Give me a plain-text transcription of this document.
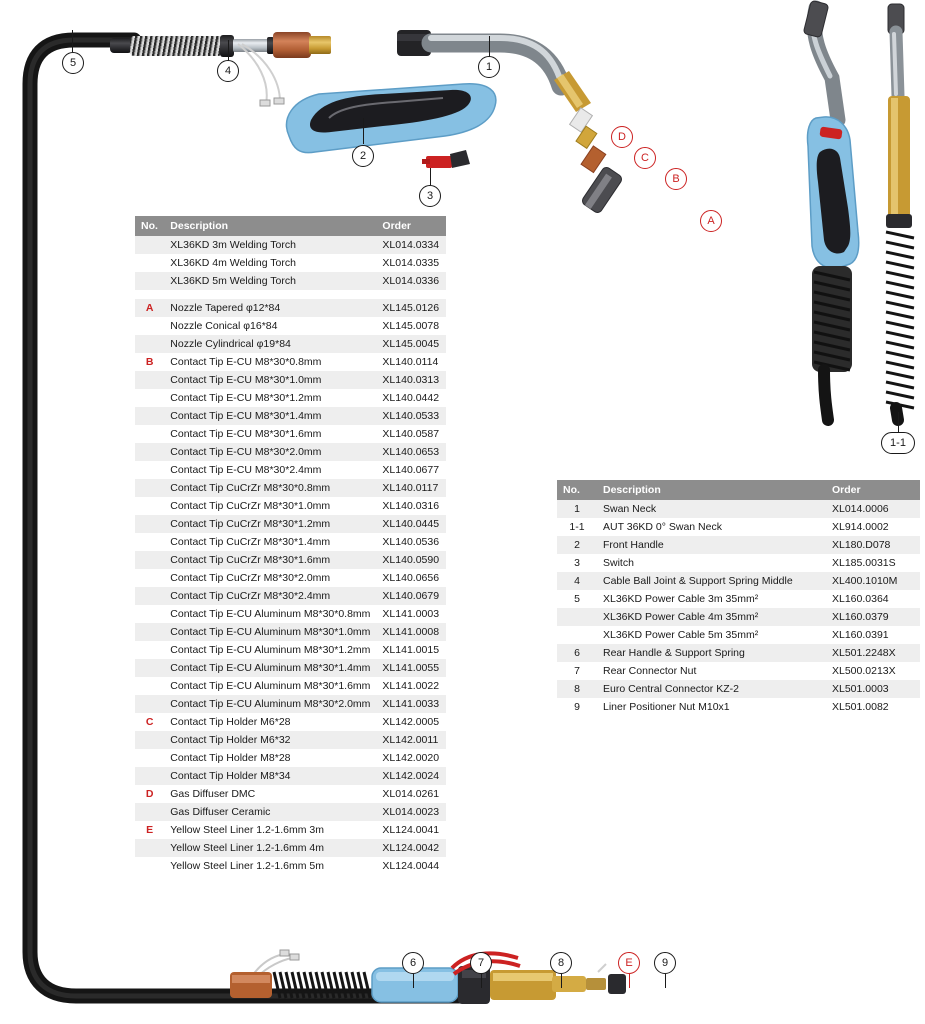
5
4	1
2
3
D
C
B
A
1-1
6	7	8	E	9
No.	Description	Order
	XL36KD 3m Welding Torch	XL014.0334
	XL36KD 4m Welding Torch	XL014.0335
	XL36KD 5m Welding Torch	XL014.0336

A	Nozzle Tapered φ12*84	XL145.0126
	Nozzle Conical φ16*84	XL145.0078
	Nozzle Cylindrical φ19*84	XL145.0045
B	Contact Tip E-CU M8*30*0.8mm	XL140.0114
	Contact Tip E-CU M8*30*1.0mm	XL140.0313
	Contact Tip E-CU M8*30*1.2mm	XL140.0442
	Contact Tip E-CU M8*30*1.4mm	XL140.0533
	Contact Tip E-CU M8*30*1.6mm	XL140.0587
	Contact Tip E-CU M8*30*2.0mm	XL140.0653
	Contact Tip E-CU M8*30*2.4mm	XL140.0677
	Contact Tip CuCrZr M8*30*0.8mm	XL140.0117
	Contact Tip CuCrZr M8*30*1.0mm	XL140.0316
	Contact Tip CuCrZr M8*30*1.2mm	XL140.0445
	Contact Tip CuCrZr M8*30*1.4mm	XL140.0536
	Contact Tip CuCrZr M8*30*1.6mm	XL140.0590
	Contact Tip CuCrZr M8*30*2.0mm	XL140.0656
	Contact Tip CuCrZr M8*30*2.4mm	XL140.0679
	Contact Tip E-CU Aluminum M8*30*0.8mm	XL141.0003
	Contact Tip E-CU Aluminum M8*30*1.0mm	XL141.0008
	Contact Tip E-CU Aluminum M8*30*1.2mm	XL141.0015
	Contact Tip E-CU Aluminum M8*30*1.4mm	XL141.0055
	Contact Tip E-CU Aluminum M8*30*1.6mm	XL141.0022
	Contact Tip E-CU Aluminum M8*30*2.0mm	XL141.0033
C	Contact Tip Holder M6*28	XL142.0005
	Contact Tip Holder M6*32	XL142.0011
	Contact Tip Holder M8*28	XL142.0020
	Contact Tip Holder M8*34	XL142.0024
D	Gas Diffuser DMC	XL014.0261
	Gas Diffuser Ceramic	XL014.0023
E	Yellow Steel Liner 1.2-1.6mm 3m	XL124.0041
	Yellow Steel Liner 1.2-1.6mm 4m	XL124.0042
	Yellow Steel Liner 1.2-1.6mm 5m	XL124.0044
No.	Description	Order
1	Swan Neck	XL014.0006
1-1	AUT 36KD 0° Swan Neck	XL914.0002
2	Front Handle	XL180.D078
3	Switch	XL185.0031S
4	Cable Ball Joint & Support Spring Middle	XL400.1010M
5	XL36KD Power Cable 3m 35mm²	XL160.0364
	XL36KD Power Cable 4m 35mm²	XL160.0379
	XL36KD Power Cable 5m 35mm²	XL160.0391
6	Rear Handle & Support Spring	XL501.2248X
7	Rear Connector Nut	XL500.0213X
8	Euro Central Connector KZ-2	XL501.0003
9	Liner Positioner Nut M10x1	XL501.0082
